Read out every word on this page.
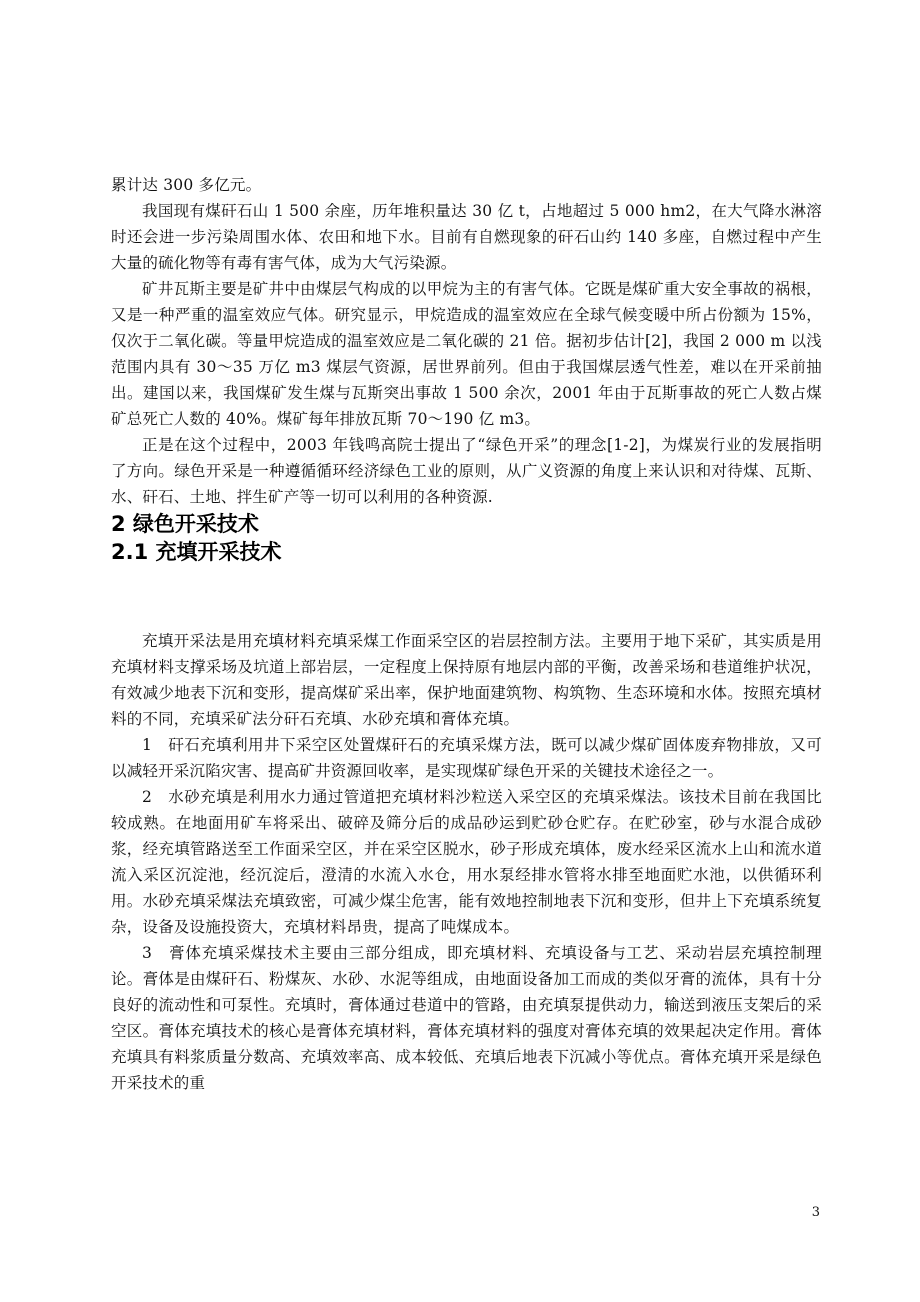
累计达 300 多亿元。

我国现有煤矸石山 1 500 余座，历年堆积量达 30 亿 t，占地超过 5 000 hm2，在大气降水淋溶时还会进一步污染周围水体、农田和地下水。目前有自燃现象的矸石山约 140 多座，自燃过程中产生大量的硫化物等有毒有害气体，成为大气污染源。

矿井瓦斯主要是矿井中由煤层气构成的以甲烷为主的有害气体。它既是煤矿重大安全事故的祸根，又是一种严重的温室效应气体。研究显示，甲烷造成的温室效应在全球气候变暖中所占份额为 15%，仅次于二氧化碳。等量甲烷造成的温室效应是二氧化碳的 21 倍。据初步估计[2]，我国 2 000 m 以浅范围内具有 30～35 万亿 m3 煤层气资源，居世界前列。但由于我国煤层透气性差，难以在开采前抽出。建国以来，我国煤矿发生煤与瓦斯突出事故 1 500 余次，2001 年由于瓦斯事故的死亡人数占煤矿总死亡人数的 40%。煤矿每年排放瓦斯 70～190 亿 m3。

正是在这个过程中，2003 年钱鸣高院士提出了“绿色开采”的理念[1-2]，为煤炭行业的发展指明了方向。绿色开采是一种遵循循环经济绿色工业的原则，从广义资源的角度上来认识和对待煤、瓦斯、水、矸石、土地、拌生矿产等一切可以利用的各种资源.

2 绿色开采技术
2.1 充填开采技术

充填开采法是用充填材料充填采煤工作面采空区的岩层控制方法。主要用于地下采矿，其实质是用充填材料支撑采场及坑道上部岩层，一定程度上保持原有地层内部的平衡，改善采场和巷道维护状况，有效减少地表下沉和变形，提高煤矿采出率，保护地面建筑物、构筑物、生态环境和水体。按照充填材料的不同，充填采矿法分矸石充填、水砂充填和膏体充填。

1　矸石充填利用井下采空区处置煤矸石的充填采煤方法，既可以减少煤矿固体废弃物排放，又可以减轻开采沉陷灾害、提高矿井资源回收率，是实现煤矿绿色开采的关键技术途径之一。

2　水砂充填是利用水力通过管道把充填材料沙粒送入采空区的充填采煤法。该技术目前在我国比较成熟。在地面用矿车将采出、破碎及筛分后的成品砂运到贮砂仓贮存。在贮砂室，砂与水混合成砂浆，经充填管路送至工作面采空区，并在采空区脱水，砂子形成充填体，废水经采区流水上山和流水道流入采区沉淀池，经沉淀后，澄清的水流入水仓，用水泵经排水管将水排至地面贮水池，以供循环利用。水砂充填采煤法充填致密，可减少煤尘危害，能有效地控制地表下沉和变形，但井上下充填系统复杂，设备及设施投资大，充填材料昂贵，提高了吨煤成本。

3　膏体充填采煤技术主要由三部分组成，即充填材料、充填设备与工艺、采动岩层充填控制理论。膏体是由煤矸石、粉煤灰、水砂、水泥等组成，由地面设备加工而成的类似牙膏的流体，具有十分良好的流动性和可泵性。充填时，膏体通过巷道中的管路，由充填泵提供动力，输送到液压支架后的采空区。膏体充填技术的核心是膏体充填材料，膏体充填材料的强度对膏体充填的效果起决定作用。膏体充填具有料浆质量分数高、充填效率高、成本较低、充填后地表下沉减小等优点。膏体充填开采是绿色开采技术的重

3
